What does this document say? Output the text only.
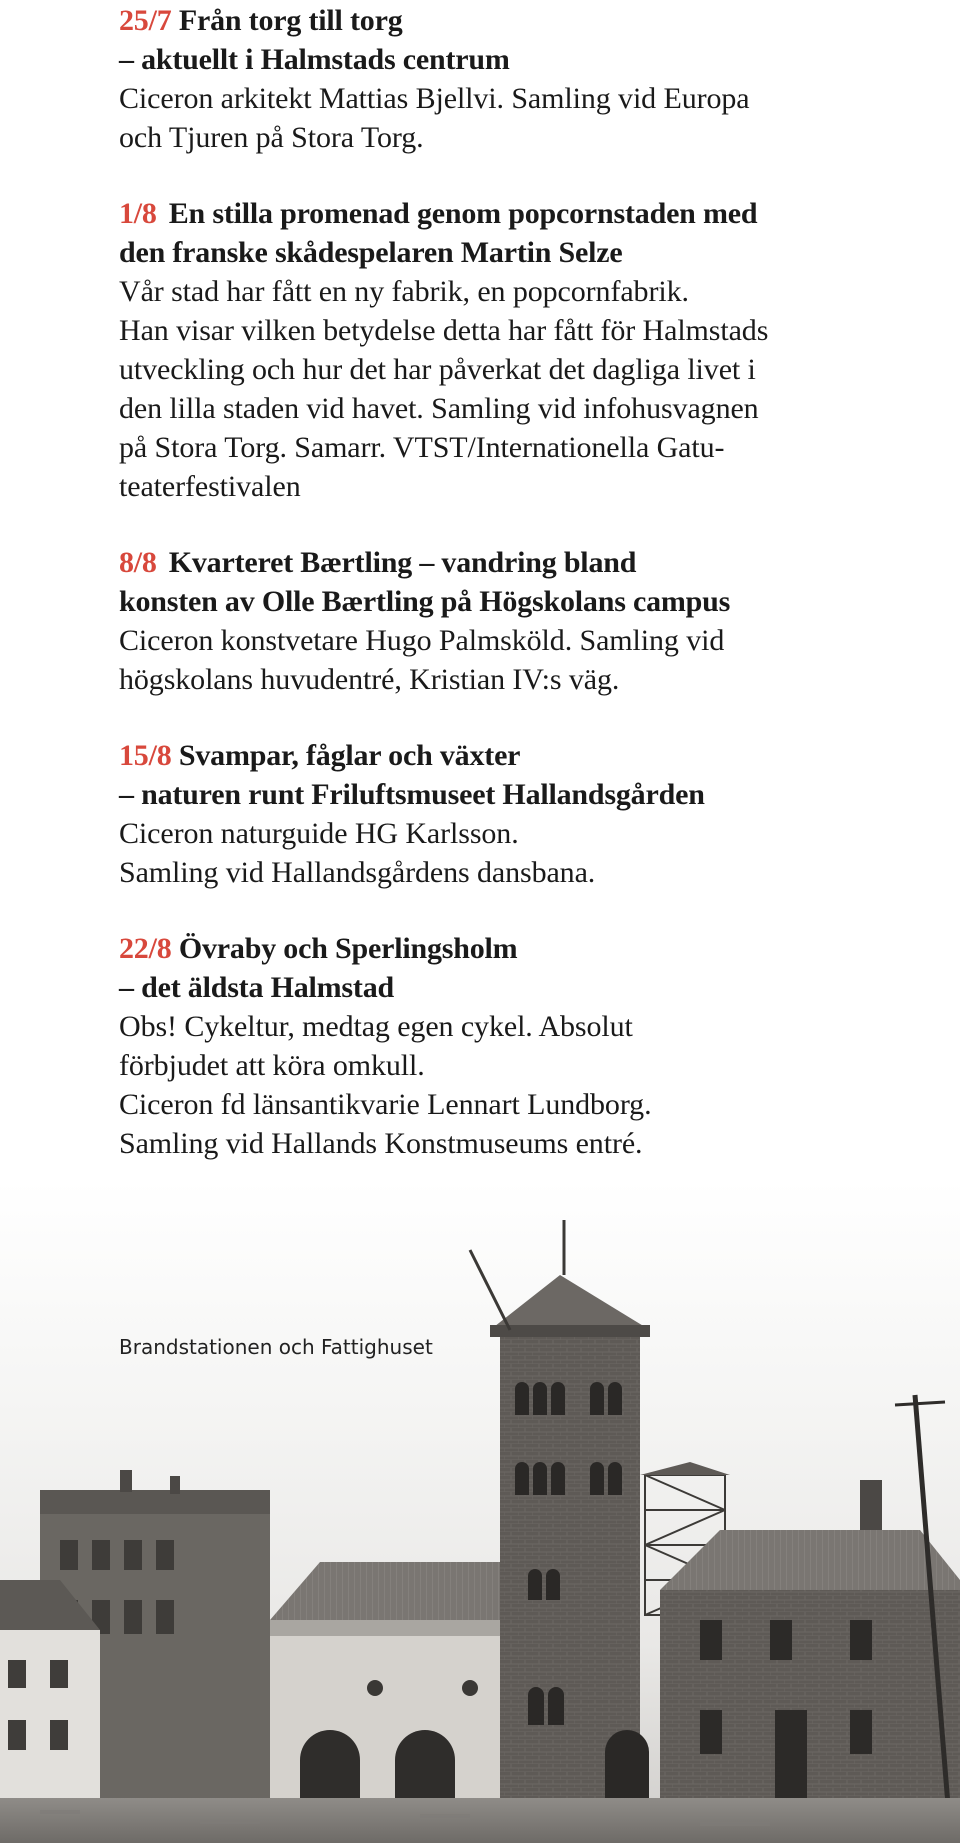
25/7 Från torg till torg
– aktuellt i Halmstads centrum
Ciceron arkitekt Mattias Bjellvi. Samling vid Europa
och Tjuren på Stora Torg.
1/8 En stilla promenad genom popcornstaden med
den franske skådespelaren Martin Selze
Vår stad har fått en ny fabrik, en popcornfabrik.
Han visar vilken betydelse detta har fått för Halmstads
utveckling och hur det har påverkat det dagliga livet i
den lilla staden vid havet. Samling vid infohusvagnen
på Stora Torg. Samarr. VTST/Internationella Gatu-
teaterfestivalen
8/8 Kvarteret Bærtling – vandring bland
konsten av Olle Bærtling på Högskolans campus
Ciceron konstvetare Hugo Palmsköld. Samling vid
högskolans huvudentré, Kristian IV:s väg.
15/8 Svampar, fåglar och växter
– naturen runt Friluftsmuseet Hallandsgården
Ciceron naturguide HG Karlsson.
Samling vid Hallandsgårdens dansbana.
22/8 Övraby och Sperlingsholm
– det äldsta Halmstad
Obs! Cykeltur, medtag egen cykel. Absolut
förbjudet att köra omkull.
Ciceron fd länsantikvarie Lennart Lundborg.
Samling vid Hallands Konstmuseums entré.
Brandstationen och Fattighuset
